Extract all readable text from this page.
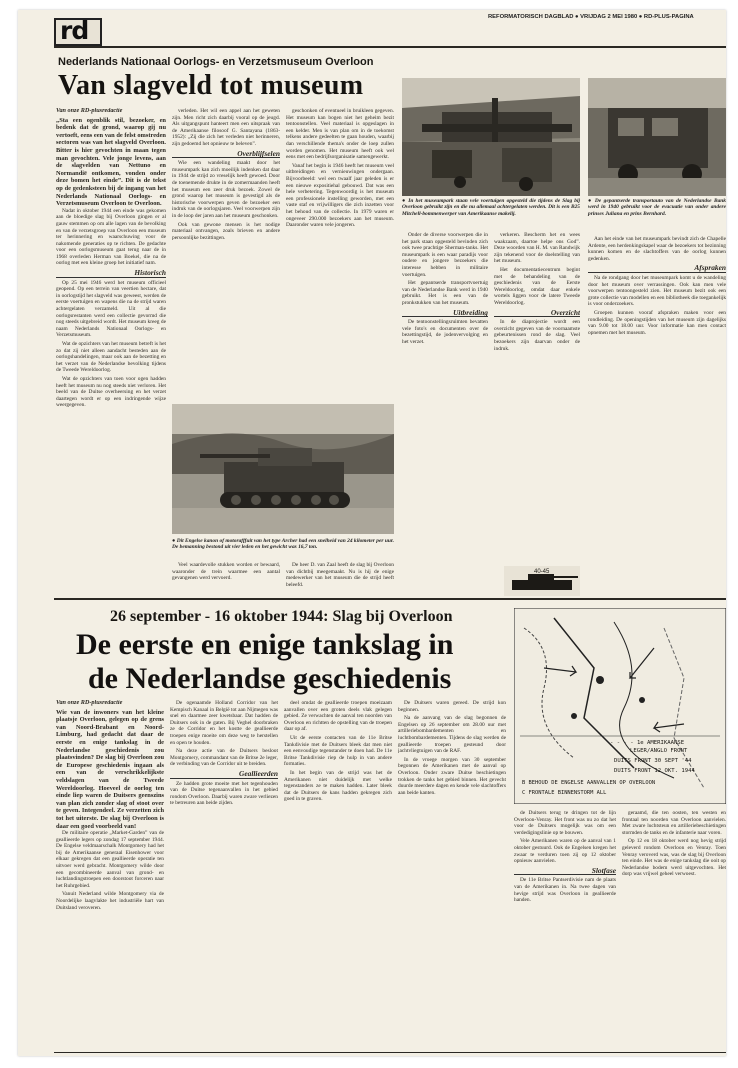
rd	REFORMATORISCH DAGBLAD ● VRIJDAG 2 MEI 1980 ● RD-PLUS-PAGINA
Nederlands Nationaal Oorlogs- en Verzetsmuseum Overloon
Van slagveld tot museum
Van onze RD-plusredactie
„Sta een ogenblik stil, bezoeker, en bedenk dat de grond, waarop gij nu vertoeft, eens een van de felst omstreden sectoren was van het slagveld Overloon. Bitter is hier gevochten in maan tegen man gevochten. Vele jonge levens, aan de slagvelden van Nettuno en Normandië ontkomen, vonden onder deze bomen het einde”. Dit is de tekst op de gedenksteen bij de ingang van het Nederlands Nationaal Oorlogs- en Verzetsmuseum Overloon te Overloon.

Nadat in oktober 1944 een einde was gekomen aan de bloedige slag bij Overloon gingen er al gauw stemmen op om alle lagen van de bevolking en van de verzetsgroep van Overloon een museum ter herinnering en waarschuwing voor de nakomende generaties op te richten. De gedachte voor een oorlogsmuseum gaat terug naar de in 1968 overleden Herman van Boekel, die na de oorlog met een kleine groep het initiatief nam.

Historisch

Op 25 mei 1946 werd het museum officieel geopend. Op een terrein van veertien hectare, dat in oorlogstijd het slagveld was geweest, werden de eerste voertuigen en wapens die na de strijd waren achtergelaten verzameld. Uit al die oorlogsrestanten werd een collectie gevormd die nog steeds uitgebreid wordt. Het museum kreeg de naam Nederlands Nationaal Oorlogs- en Verzetsmuseum.

Wat de opzichters van het museum betreft is het zo dat zij niet alleen aandacht besteden aan de oorlogshandelingen, maar ook aan de bezetting en het verzet van de Nederlandse bevolking tijdens de Tweede Wereldoorlog.

Wat de opzichters van toen voor ogen hadden heeft het museum nu nog steeds niet verloren. Het beeld van de Duitse overheersing en het verzet daartegen wordt er op een indringende wijze weergegeven.

verleden. Het wil een appel aan het geweten zijn. Men richt zich daarbij vooral op de jeugd. Als uitgangspunt hanteert men een uitspraak van de Amerikaanse filosoof G. Santayana (1863-1952): „Zij die zich het verleden niet herinneren, zijn gedoemd het opnieuw te beleven”.

Overblijfselen

Wie een wandeling maakt door het museumpark kan zich moeilijk indenken dat daar in 1944 de strijd zo vreselijk heeft gewoed. Door de toenemende drukte in de zomermaanden heeft het museum een zeer druk bezoek. Zowel de grond waarop het museum is gevestigd als de historische voorwerpen geven de bezoeker een indruk van de oorlogsjaren. Veel voorwerpen zijn in de loop der jaren aan het museum geschonken.

Ook van gewone mensen is het nodige materiaal ontvangen, zoals brieven en andere persoonlijke bezittingen.

geschonken of eventueel in bruikleen gegeven. Het museum kan bogen niet het geheim bezit tentoonstellen. Veel materiaal is opgeslagen in een kelder. Men is van plan om in de toekomst telkens andere gedeelten te gaan houden, waarbij dan verschillende thema's onder de loep zullen worden genomen. Het museum heeft ook wel eens met een bedrijfsorganisatie samengewerkt.

Vanaf het begin is 1946 heeft het museum veel uitbreidingen en vernieuwingen ondergaan. Bijvoorbeeld: wel een twaalf jaar geleden is er een nieuwe expositiehal gebouwd. Dat was een hele verbetering. Tegenwoordig is het museum een professionele instelling geworden, met een vaste staf en vrijwilligers die zich inzetten voor het behoud van de collectie. In 1979 waren er ongeveer 290.000 bezoekers aan het museum. Daaronder waren vele jongeren.

● Dit Engelse kanon of motorafffuit van het type Archer had een snelheid van 24 kilometer per uur. De bemanning bestond uit vier leden en het gewicht was 16,7 ton.

Veel waardevolle stukken worden er bewaard, waaronder de trein waarmee een aantal gevangenen werd vervoerd.

De heer D. van Zaal heeft de slag bij Overloon van dichtbij meegemaakt. Nu is hij de enige medewerker van het museum die de strijd heeft beleefd.

● In het museumpark staan vele voertuigen opgesteld die tijdens de Slag bij Overloon gebruikt zijn en die nu allemaal achtergelaten werden. Dit is een B25 Mitchell-bommenwerper van Amerikaanse makelij.

Onder de diverse voorwerpen die in het park staan opgesteld bevinden zich ook twee prachtige Sherman-tanks. Het museumpark is een waar paradijs voor oudere en jongere bezoekers die interesse hebben in militaire voertuigen.

Het gepantserde transportvoertuig van de Nederlandse Bank werd in 1940 gebruikt. Het is een van de pronkstukken van het museum.

Uitbreiding

De tentoonstellingsruimten bevatten vele foto's en documenten over de bezettingstijd, de jodenvervolging en het verzet.

verkeren. Bescherm het en wees waakzaam, daartoe helpe ons God”. Deze woorden van H. M. van Randwijk zijn tekenend voor de doelstelling van het museum.

Het documentatiecentrum begint met de behandeling van de geschiedenis van de Eerste Wereldoorlog, omdat daar enkele wortels liggen voor de latere Tweede Wereldoorlog.

Overzicht

In de diaprojectie wordt een overzicht gegeven van de voornaamste gebeurtenissen rond de slag. Veel bezoekers zijn daarvan onder de indruk.

40-45
● De gepantserde transportauto van de Nederlandse Bank werd in 1940 gebruikt voor de evacuatie van onder andere prinses Juliana en prins Bernhard.

Aan het einde van het museumpark bevindt zich de Chapelle Ardente, een herdenkingskapel waar de bezoekers tot bezinning kunnen komen en de slachtoffers van de oorlog kunnen gedenken.

Afspraken

Na de rondgang door het museumpark komt u de wandeling door het museum over verrassingen. Ook kan men vele voorwerpen tentoongesteld zien. Het museum bezit ook een grote collectie van modellen en een bibliotheek die toegankelijk is voor onderzoekers.

Groepen kunnen vooraf afspraken maken voor een rondleiding. De openingstijden van het museum zijn dagelijks van 9.00 tot 18.00 uur. Voor informatie kan men contact opnemen met het museum.

26 september - 16 oktober 1944: Slag bij Overloon
De eerste en enige tankslag in
de Nederlandse geschiedenis
Van onze RD-plusredactie
Wie van de inwoners van het kleine plaatsje Overloon, gelegen op de grens van Noord-Brabant en Noord-Limburg, had gedacht dat daar de eerste en enige tankslag in de Nederlandse geschiedenis zou plaatsvinden? De slag bij Overloon zou de Europese geschiedenis ingaan als een van de verschrikkelijkste veldslagen van de Tweede Wereldoorlog. Hoeveel de oorlog ten einde liep waren de Duitsers geenszins van plan zich zonder slag of stoot over te geven. Integendeel. Ze verzetten zich tot het uiterste. De slag bij Overloon is daar een goed voorbeeld van!

De militaire operatie „Market-Garden” van de geallieerde legers op zondag 17 september 1944. De Engelse veldmaarschalk Montgomery had het bij de Amerikaanse generaal Eisenhower voor elkaar gekregen dat een geallieerde operatie ten uitvoer werd gebracht. Montgomery wilde door een gecombineerde aanval van grond- en luchtlandingstroepen een doorstoot forceren naar het Ruhrgebied.

Vanuit Nederland wilde Montgomery via de Noordelijke laagvlakte het industriële hart van Duitsland veroveren.

De ogenaamde Holland Corridor van het Kempisch Kanaal in België tot aan Nijmegen was snel en daarmee zeer kwetsbaar. Dat hadden de Duitsers ook in de gaten. Bij Veghel doorbraken ze de Corridor en het kostte de geallieerde troepen enige moeite om deze weg te herstellen en open te houden.

Na deze actie van de Duitsers besloot Montgomery, commandant van de Britse 2e leger, de verbinding van de Corridor uit te breiden.

Geallieerden

Ze hadden grote moeite met het tegenhouden van de Duitse tegenaanvallen in het gebied rondom Overloon. Daarbij waren zware verliezen te betreuren aan beide zijden.

deel omdat de geallieerde troepen moeizaam aanvallen over een groten deels vlak gelegen gebied. Ze verwachten de aanval ten noorden van Overloon en richtten de opstelling van de troepen daar op af.

Uit de eerste contacten van de 11e Britse Tankdivisie met de Duitsers bleek dat men niet een eenvoudige tegenstander te doen had. De 11e Britse Tankdivisie riep de hulp in van andere formaties.

In het begin van de strijd was het de Amerikanen niet duidelijk met welke tegenstanders ze te maken hadden. Later bleek dat de Duitsers de kans hadden gekregen zich goed in te graven.

De Duitsers waren gereed. De strijd kon beginnen.

Na de aanvang van de slag begonnen de Engelsen op 26 september om 28.00 uur met artilleriebombardementen en luchtbombardementen. Tijdens de slag werden de geallieerde troepen gesteund door jachtvliegtuigen van de RAF.

In de vroege morgen van 30 september begonnen de Amerikanen met de aanval op Overloon. Onder zware Duitse beschietingen trokken de tanks het gebied binnen. Het gevecht duurde meerdere dagen en kende vele slachtoffers aan beide kanten.

- - - - 1e AMERIKAANSE
LEGER/ANGLO FRONT
DUITS FRONT 30 SEPT '44
DUITS FRONT 12 OKT. 1944
B BEHOUD DE ENGELSE AANVALLEN OP OVERLOON
C FRONTALE BINNENSTORM ALL

de Duitsers terug te dringen tot de lijn Overloon-Venray. Het front was nu zo dat het voor de Duitsers mogelijk was om een verdedigingslinie op te bouwen.

Vele Amerikanen waren op de aanval van 1 oktober gestuurd. Ook de Engelsen kregen het zwaar te verduren toen zij op 12 oktober opnieuw aanvielen.

Slotfase

De 11e Britse Pantserdivisie nam de plaats van de Amerikanen in. Na twee dagen van hevige strijd was Overloon in geallieerde handen.

geraamd, die ten oosten, ten westen en frontaal ten noorden van Overloon aanvielen. Met zware luchtsteun en artilleriebeschietingen stormden de tanks en de infanterie naar voren.

Op 12 en 18 oktober werd nog hevig strijd geleverd rondom Overloon en Venray. Toen Venray veroverd was, was de slag bij Overloon ten einde. Het was de enige tankslag die ooit op Nederlandse bodem werd uitgevochten. Het dorp was vrijwel geheel verwoest.
